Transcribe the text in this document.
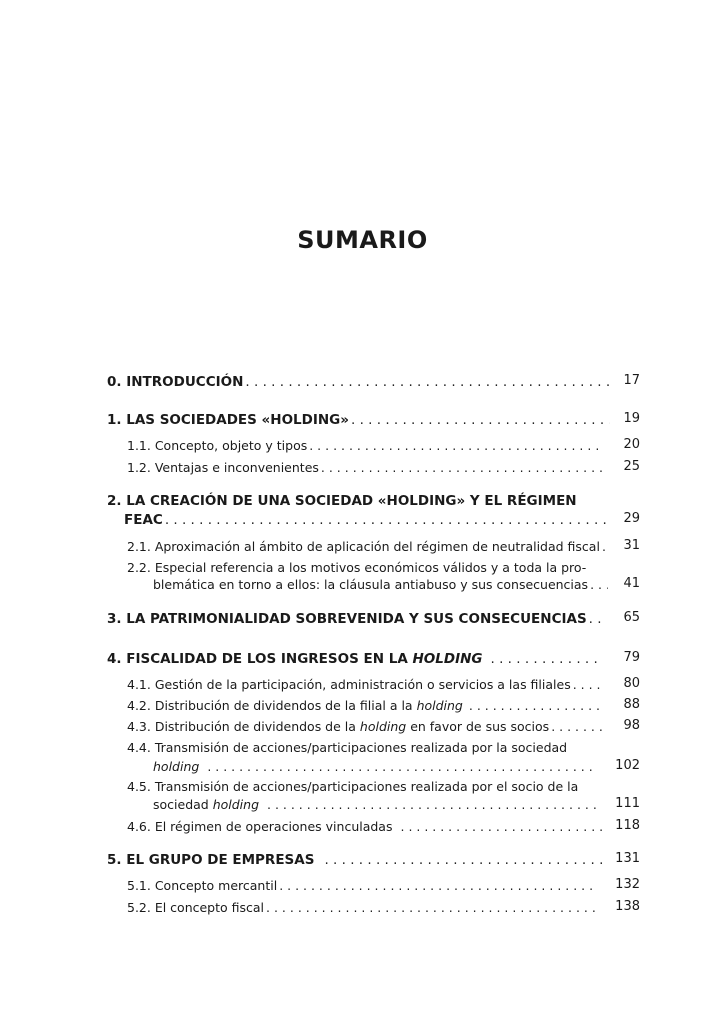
SUMARIO
0. INTRODUCCIÓN . . .	17
1. LAS SOCIEDADES «HOLDING» . . .	19
1.1. Concepto, objeto y tipos . . .	20
1.2. Ventajas e inconvenientes . . .	25
2. LA CREACIÓN DE UNA SOCIEDAD «HOLDING» Y EL RÉGIMEN
FEAC . . .	29
2.1. Aproximación al ámbito de aplicación del régimen de neutralidad fiscal . . .	31
2.2. Especial referencia a los motivos económicos válidos y a toda la pro-
blemática en torno a ellos: la cláusula antiabuso y sus consecuencias . . .	41
3. LA PATRIMONIALIDAD SOBREVENIDA Y SUS CONSECUENCIAS . . .	65
4. FISCALIDAD DE LOS INGRESOS EN LA HOLDING . . .	79
4.1. Gestión de la participación, administración o servicios a las filiales . . .	80
4.2. Distribución de dividendos de la filial a la holding . . .	88
4.3. Distribución de dividendos de la holding en favor de sus socios . . .	98
4.4. Transmisión de acciones/participaciones realizada por la sociedad
holding . . .	102
4.5. Transmisión de acciones/participaciones realizada por el socio de la
sociedad holding . . .	111
4.6. El régimen de operaciones vinculadas . . .	118
5. EL GRUPO DE EMPRESAS . . .	131
5.1. Concepto mercantil . . .	132
5.2. El concepto fiscal . . .	138
